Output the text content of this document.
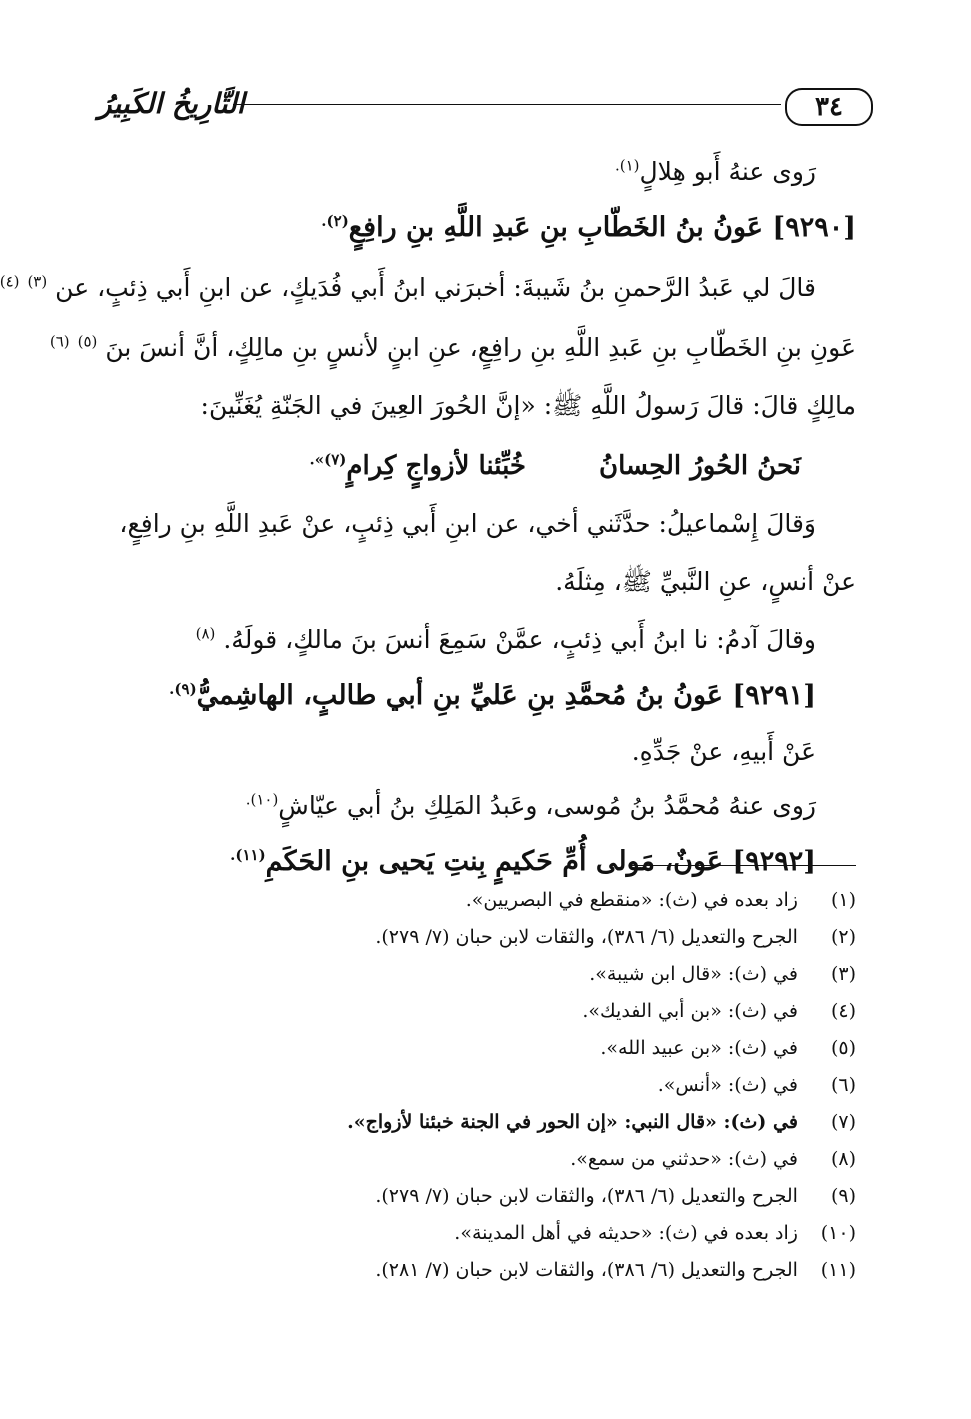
٣٤
التَّارِيخُ الكَبِيرُ
رَوى عنهُ أَبو هِلالٍ$^{(١).}$
[٩٢٩٠] عَونُ بنُ الخَطّابِ بنِ عَبدِ اللَّهِ بنِ رافِعٍ$^{(٢).}$
قالَ لي عَبدُ الرَّحمنِ بنُ شَيبةَ: أخبرَني ابنُ أَبي فُدَيكٍ، عن ابنِ أَبي ذِئبٍ، عن $^{(٣)}$ $^{(٤)}$
عَونِ بنِ الخَطّابِ بنِ عَبدِ اللَّهِ بنِ رافِعٍ، عنِ ابنٍ لأنسٍ بنِ مالِكٍ، أنَّ أنسَ بنَ $^{(٥)}$ $^{(٦)}$
مالِكٍ قالَ: قالَ رَسولُ اللَّهِ ﷺ: «إنَّ الحُورَ العِينَ في الجَنّةِ يُغَنِّينَ:
نَحنُ الحُورُ الحِسانُ
خُبِّئنا لأزواجٍ كِرامٍ$^{(٧)».}$
وَقالَ إِسْماعيلُ: حدَّثَني أخي، عن ابنِ أَبي ذِئبٍ، عنْ عَبدِ اللَّهِ بنِ رافِعٍ،
عنْ أنسٍ، عنِ النَّبيِّ ﷺ، مِثلَهُ.
وقالَ آدمُ: نا ابنُ أَبي ذِئبٍ، عمَّنْ سَمِعَ أنسَ بنَ مالكٍ، قولَهُ. $^{(٨)}$
[٩٢٩١] عَونُ بنُ مُحمَّدِ بنِ عَليِّ بنِ أبي طالبٍ، الهاشِميُّ$^{(٩).}$
عَنْ أَبيهِ، عنْ جَدِّهِ.
رَوى عنهُ مُحمَّدُ بنُ مُوسى، وعَبدُ المَلِكِ بنُ أبي عيّاشٍ$^{(١٠).}$
[٩٢٩٢] عَونٌ، مَولى أُمِّ حَكيمٍ بِنتِ يَحيى بنِ الحَكَمِ$^{(١١).}$
(١) زاد بعده في (ث): «منقطع في البصريين».
(٢) الجرح والتعديل (٦/ ٣٨٦)، والثقات لابن حبان (٧/ ٢٧٩).
(٣) في (ث): «قال ابن شيبة».
(٤) في (ث): «بن أبي الفديك».
(٥) في (ث): «بن عبيد الله».
(٦) في (ث): «أنس».
(٧) في (ث): «قال النبي: «إن الحور في الجنة خبئنا لأزواج».
(٨) في (ث): «حدثني من سمع».
(٩) الجرح والتعديل (٦/ ٣٨٦)، والثقات لابن حبان (٧/ ٢٧٩).
(١٠) زاد بعده في (ث): «حديثه في أهل المدينة».
(١١) الجرح والتعديل (٦/ ٣٨٦)، والثقات لابن حبان (٧/ ٢٨١).
